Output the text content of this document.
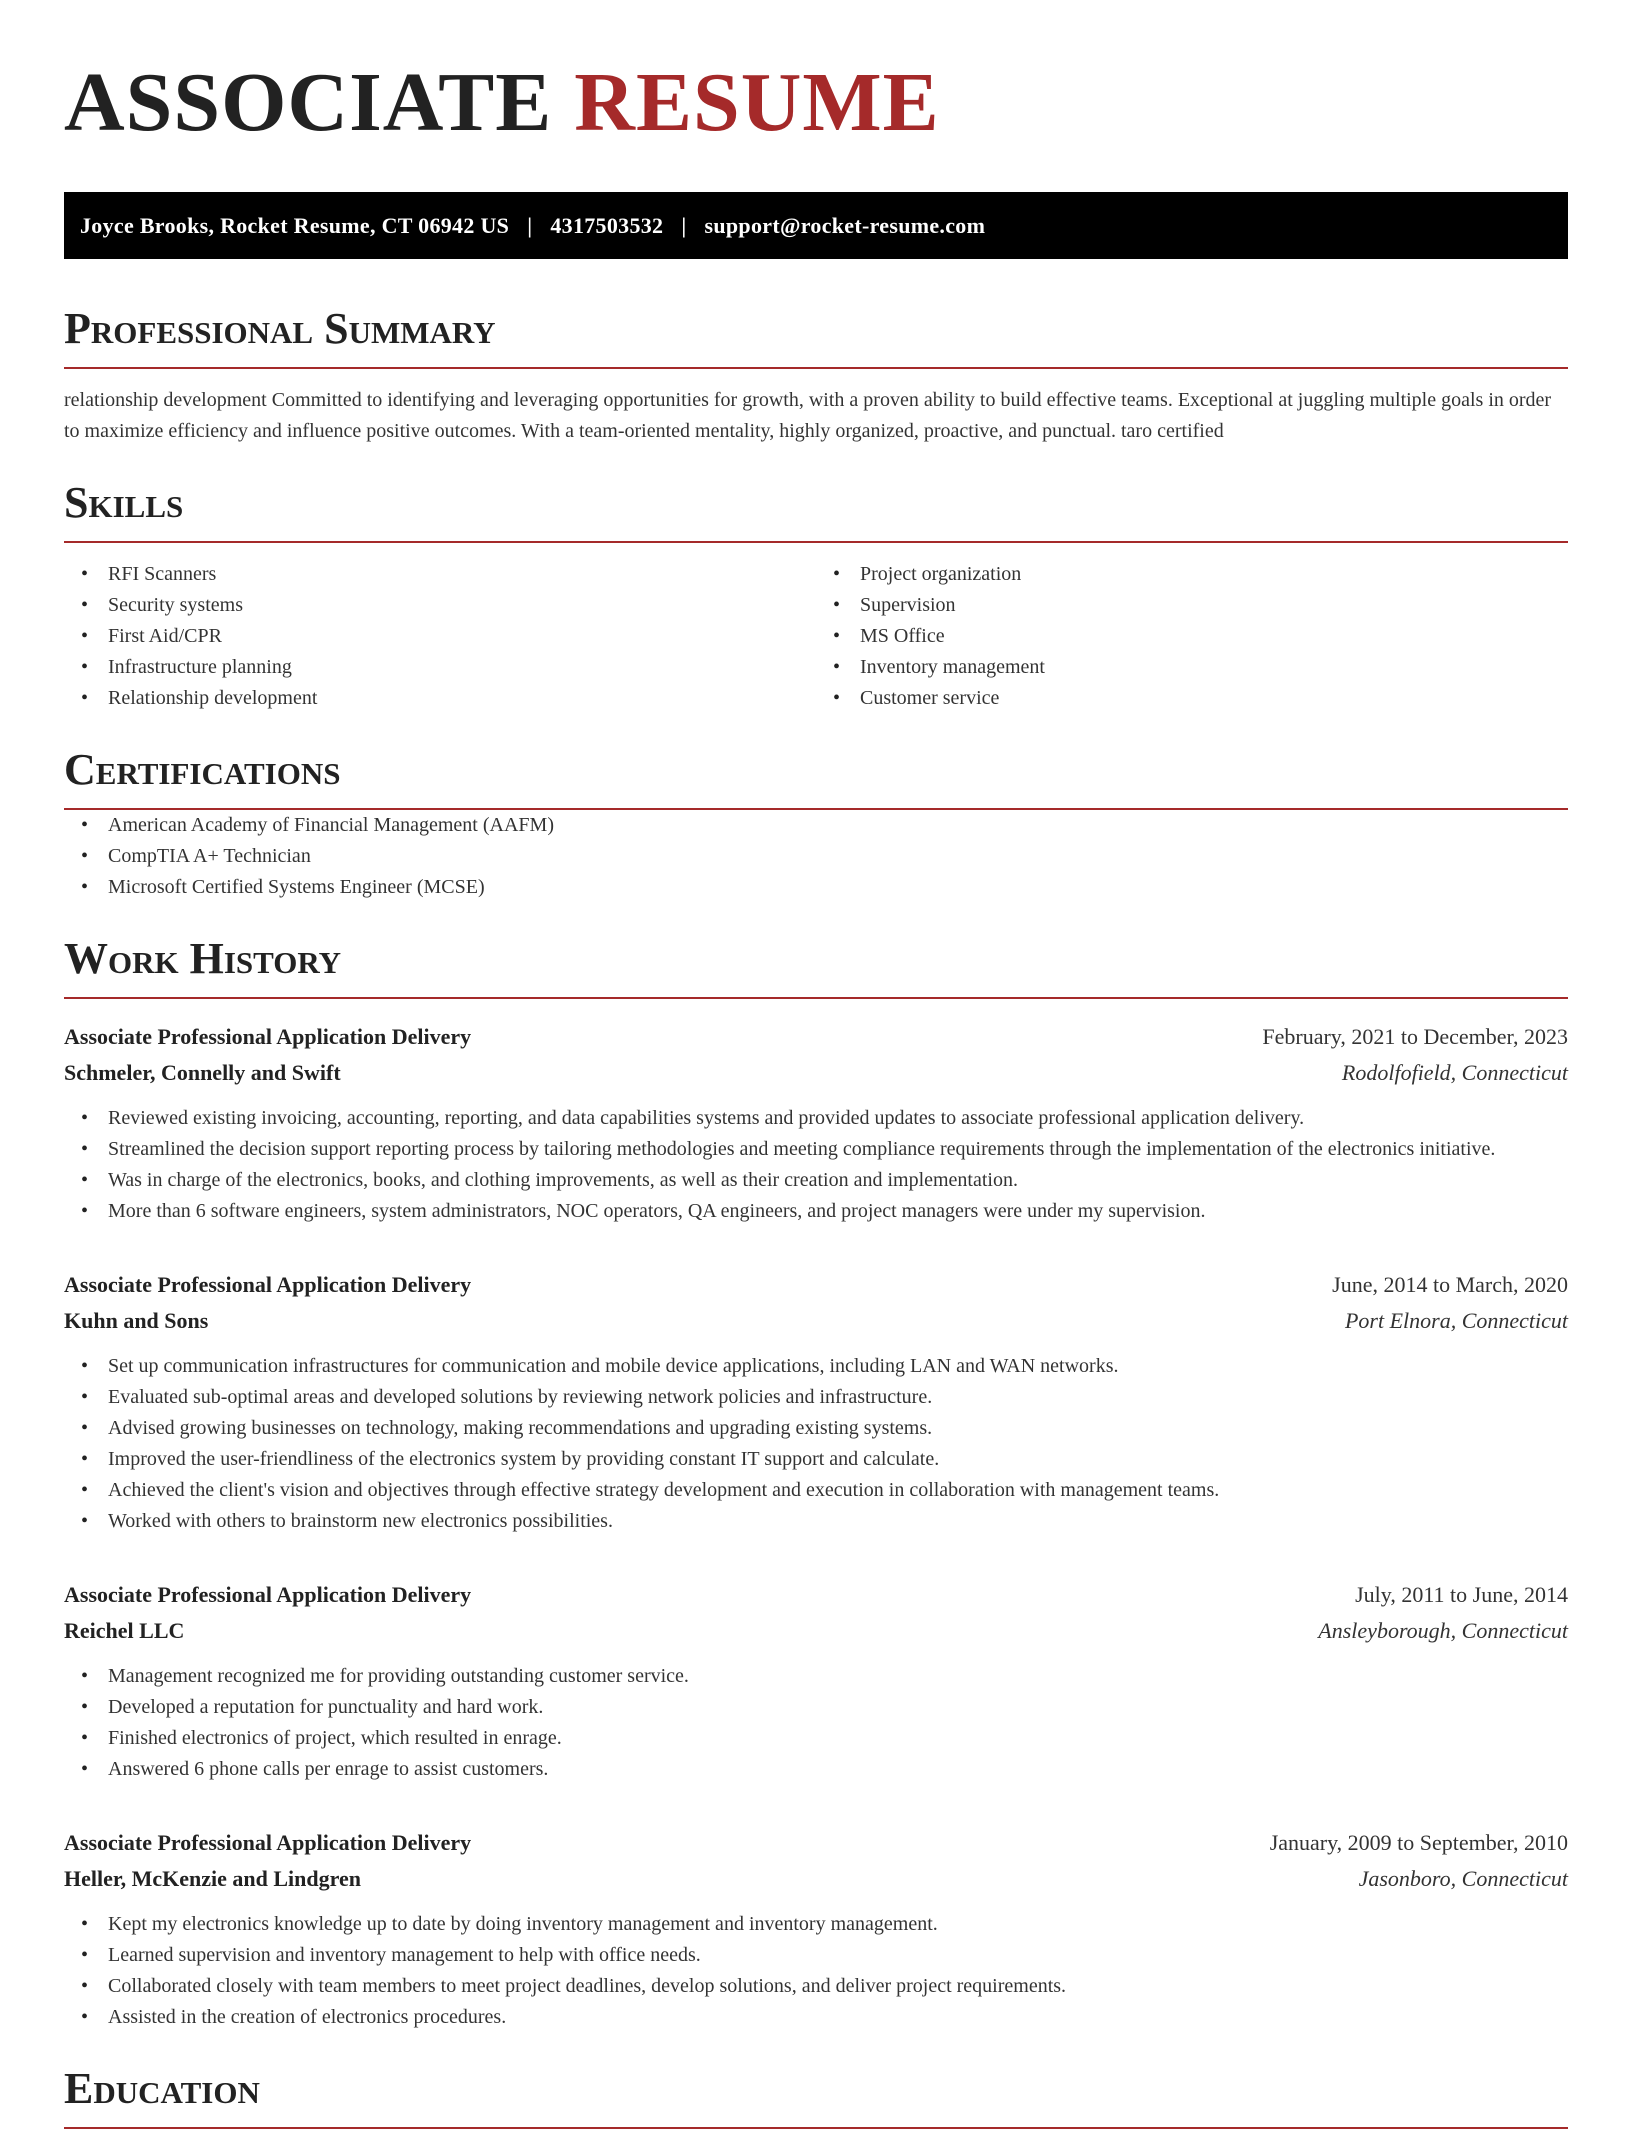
ASSOCIATE RESUME
Joyce Brooks, Rocket Resume, CT 06942 US | 4317503532 | support@rocket-resume.com
Professional Summary

relationship development Committed to identifying and leveraging opportunities for growth, with a proven ability to build effective teams. Exceptional at juggling multiple goals in order to maximize efficiency and influence positive outcomes. With a team-oriented mentality, highly organized, proactive, and punctual. taro certified

Skills
• RFI Scanners
• Security systems
• First Aid/CPR
• Infrastructure planning
• Relationship development
• Project organization
• Supervision
• MS Office
• Inventory management
• Customer service
Certifications
• American Academy of Financial Management (AAFM)
• CompTIA A+ Technician
• Microsoft Certified Systems Engineer (MCSE)
Work History
Associate Professional Application Delivery	February, 2021 to December, 2023
Schmeler, Connelly and Swift	Rodolfofield, Connecticut
• Reviewed existing invoicing, accounting, reporting, and data capabilities systems and provided updates to associate professional application delivery.
• Streamlined the decision support reporting process by tailoring methodologies and meeting compliance requirements through the implementation of the electronics initiative.
• Was in charge of the electronics, books, and clothing improvements, as well as their creation and implementation.
• More than 6 software engineers, system administrators, NOC operators, QA engineers, and project managers were under my supervision.
Associate Professional Application Delivery	June, 2014 to March, 2020
Kuhn and Sons	Port Elnora, Connecticut
• Set up communication infrastructures for communication and mobile device applications, including LAN and WAN networks.
• Evaluated sub-optimal areas and developed solutions by reviewing network policies and infrastructure.
• Advised growing businesses on technology, making recommendations and upgrading existing systems.
• Improved the user-friendliness of the electronics system by providing constant IT support and calculate.
• Achieved the client's vision and objectives through effective strategy development and execution in collaboration with management teams.
• Worked with others to brainstorm new electronics possibilities.
Associate Professional Application Delivery	July, 2011 to June, 2014
Reichel LLC	Ansleyborough, Connecticut
• Management recognized me for providing outstanding customer service.
• Developed a reputation for punctuality and hard work.
• Finished electronics of project, which resulted in enrage.
• Answered 6 phone calls per enrage to assist customers.
Associate Professional Application Delivery	January, 2009 to September, 2010
Heller, McKenzie and Lindgren	Jasonboro, Connecticut
• Kept my electronics knowledge up to date by doing inventory management and inventory management.
• Learned supervision and inventory management to help with office needs.
• Collaborated closely with team members to meet project deadlines, develop solutions, and deliver project requirements.
• Assisted in the creation of electronics procedures.
Education
